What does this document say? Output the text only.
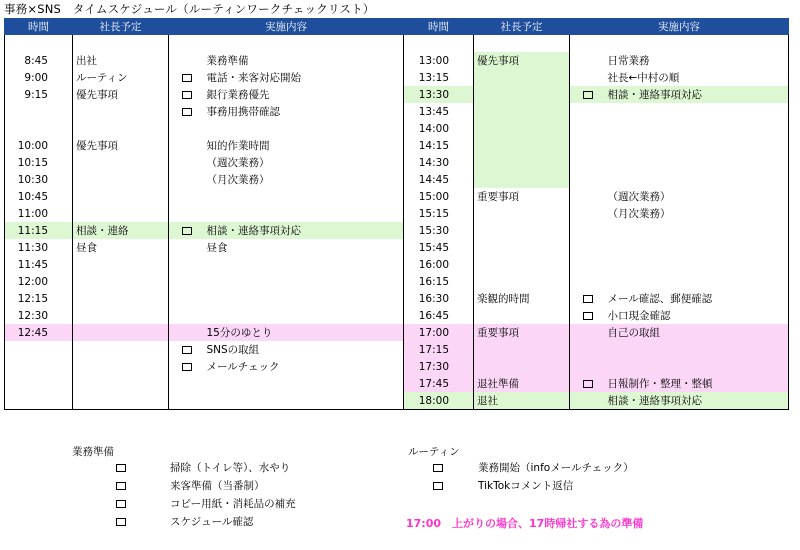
事務×SNS　タイムスケジュール（ルーティンワークチェックリスト）
時間	社長予定	実施内容	

8:45	出社		業務準備

9:00	ルーティン		電話・来客対応開始

9:15	優先事項		銀行業務優先

			事務用携帯確認

10:00	優先事項		知的作業時間

10:15			（週次業務）

10:30			（月次業務）

10:45			

11:00			

11:15	相談・連絡		相談・連絡事項対応

11:30	昼食		昼食

11:45			

12:00			

12:15			

12:30			

12:45			15分のゆとり

			SNSの取組

			メールチェック

時間	社長予定	実施内容	

13:00	優先事項		日常業務

13:15			社長←中村の順

13:30			相談・連絡事項対応

13:45			

14:00			

14:15			

14:30			

14:45			

15:00	重要事項		（週次業務）

15:15			（月次業務）

15:30			

15:45			

16:00			

16:15			

16:30	楽観的時間		メール確認、郵便確認

16:45			小口現金確認

17:00	重要事項		自己の取組

17:15			

17:30			

17:45	退社準備		日報制作・整理・整頓

18:00	退社		相談・連絡事項対応
業務準備
掃除（トイレ等）、水やり
来客準備（当番制）
コピー用紙・消耗品の補充
スケジュール確認
ルーティン
業務開始（infoメールチェック）
TikTokコメント返信
17:00　上がりの場合、17時帰社する為の準備
